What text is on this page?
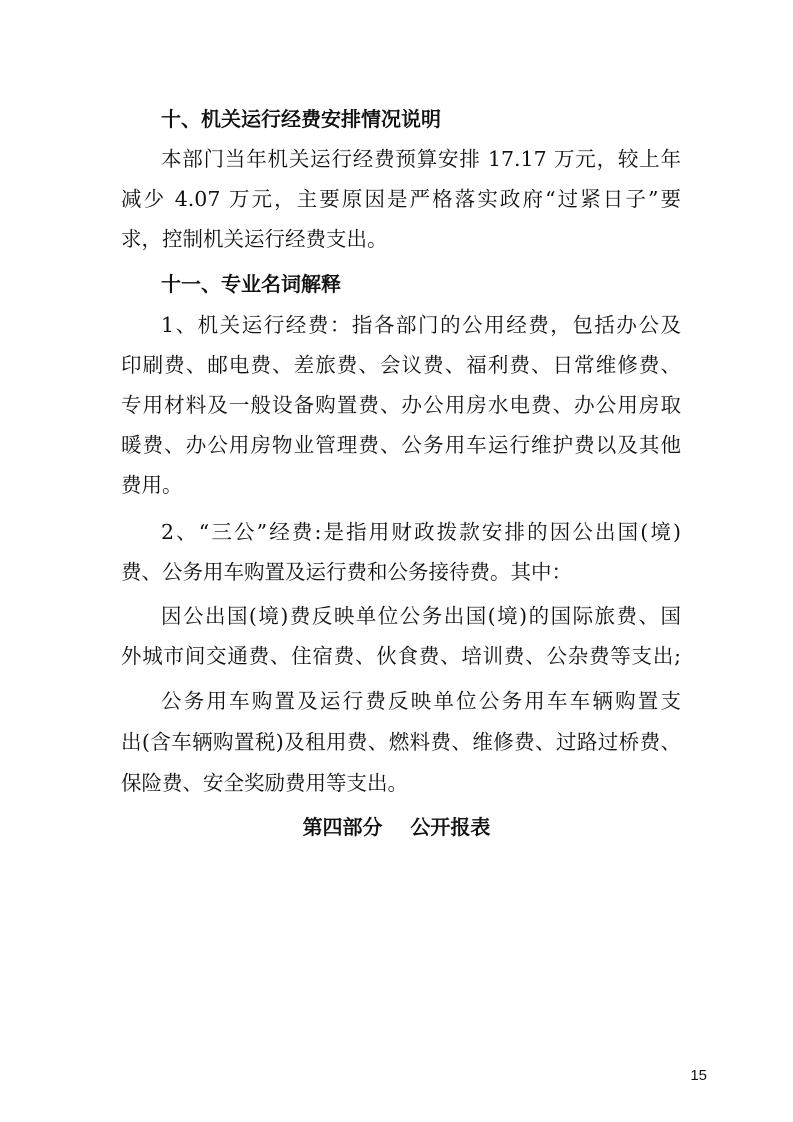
十、机关运行经费安排情况说明
本部门当年机关运行经费预算安排 17.17 万元，较上年
减少 4.07 万元，主要原因是严格落实政府“过紧日子”要
求，控制机关运行经费支出。
十一、专业名词解释
1、机关运行经费：指各部门的公用经费，包括办公及
印刷费、邮电费、差旅费、会议费、福利费、日常维修费、
专用材料及一般设备购置费、办公用房水电费、办公用房取
暖费、办公用房物业管理费、公务用车运行维护费以及其他
费用。
2、“三公”经费:是指用财政拨款安排的因公出国(境)
费、公务用车购置及运行费和公务接待费。其中：
因公出国(境)费反映单位公务出国(境)的国际旅费、国
外城市间交通费、住宿费、伙食费、培训费、公杂费等支出;
公务用车购置及运行费反映单位公务用车车辆购置支
出(含车辆购置税)及租用费、燃料费、维修费、过路过桥费、
保险费、安全奖励费用等支出。
第四部分    公开报表
15
